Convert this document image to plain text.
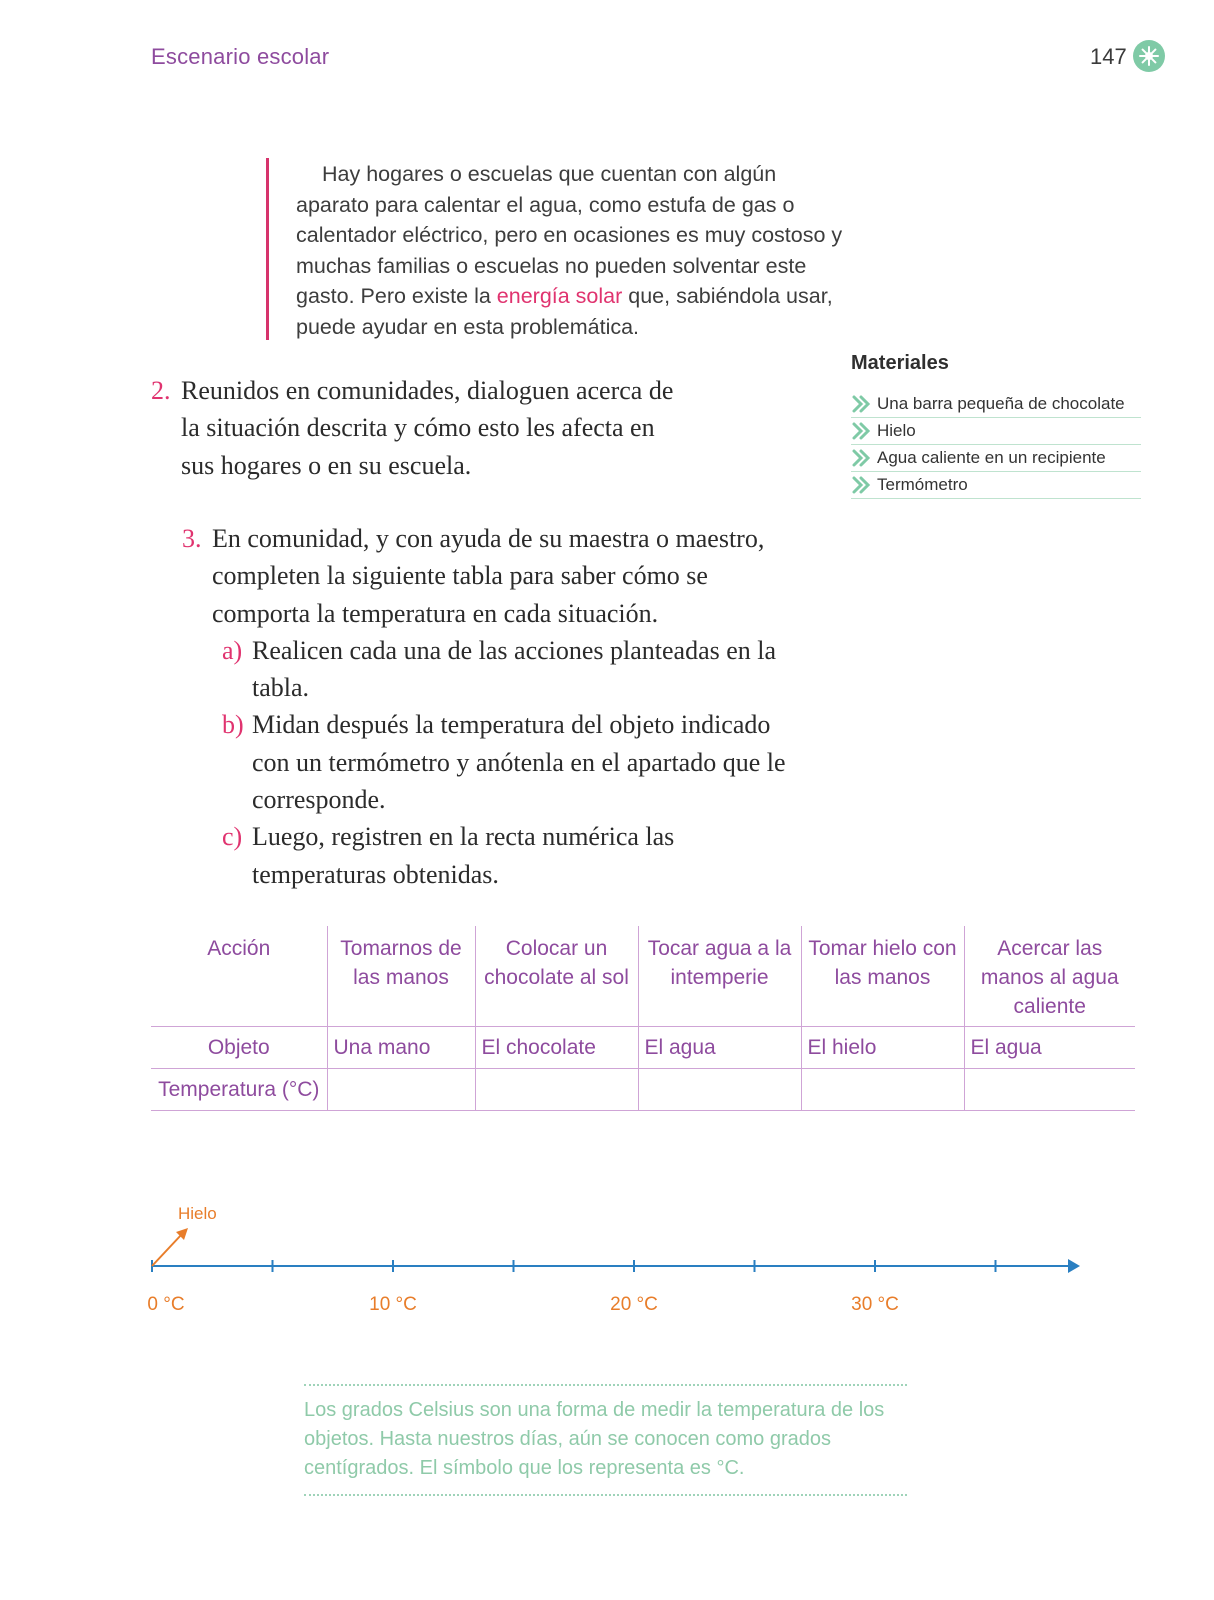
Escenario escolar	147
Hay hogares o escuelas que cuentan con algún aparato para calentar el agua, como estufa de gas o calentador eléctrico, pero en ocasiones es muy costoso y muchas familias o escuelas no pueden solventar este gasto. Pero existe la energía solar que, sabiéndola usar, puede ayudar en esta problemática.
Materiales
Una barra pequeña de chocolate
Hielo
Agua caliente en un recipiente
Termómetro
2. Reunidos en comunidades, dialoguen acerca de la situación descrita y cómo esto les afecta en sus hogares o en su escuela.
3. En comunidad, y con ayuda de su maestra o maestro, completen la siguiente tabla para saber cómo se comporta la temperatura en cada situación.
a) Realicen cada una de las acciones planteadas en la tabla.
b) Midan después la temperatura del objeto indicado con un termómetro y anótenla en el apartado que le corresponde.
c) Luego, registren en la recta numérica las temperaturas obtenidas.
Acción	Tomarnos de las manos	Colocar un chocolate al sol	Tocar agua a la intemperie	Tomar hielo con las manos	Acercar las manos al agua caliente
Objeto	Una mano	El chocolate	El agua	El hielo	El agua
Temperatura (°C)					
Hielo
0 °C	10 °C	20 °C	30 °C
Los grados Celsius son una forma de medir la temperatura de los objetos. Hasta nuestros días, aún se conocen como grados centígrados. El símbolo que los representa es °C.
